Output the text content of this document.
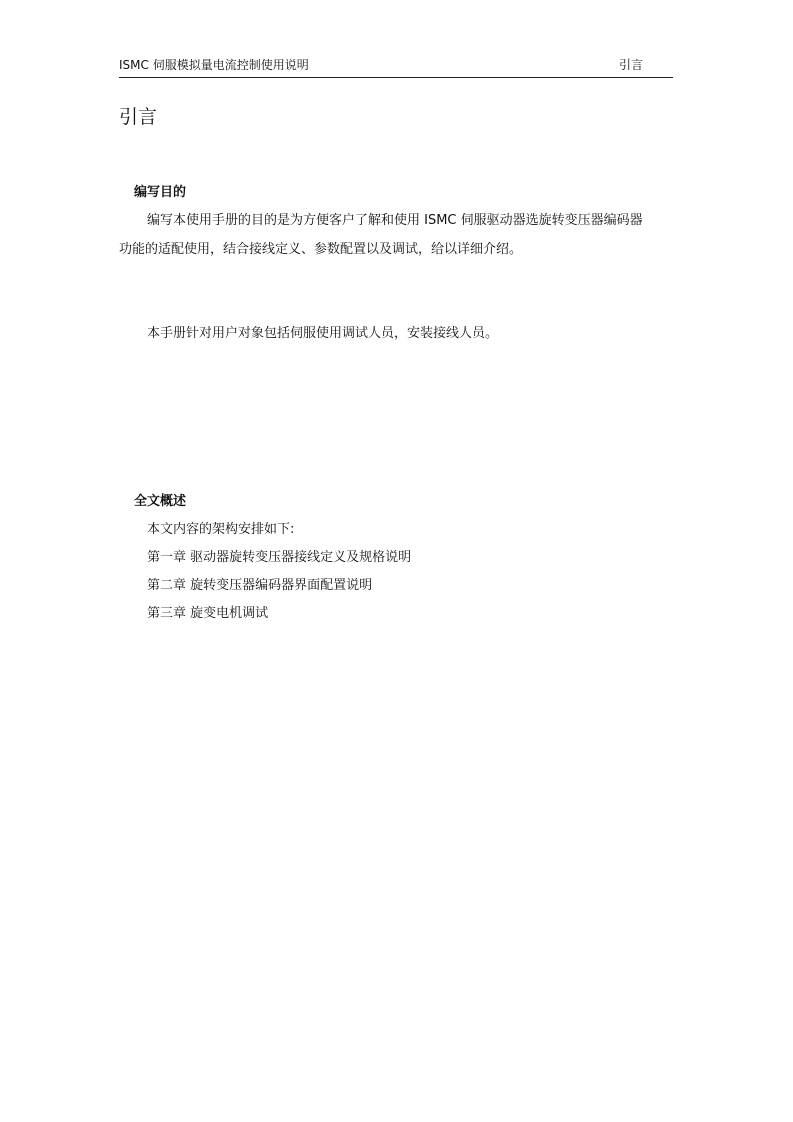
ISMC 伺服模拟量电流控制使用说明	引言
引言
编写目的

编写本使用手册的目的是为方便客户了解和使用 ISMC 伺服驱动器选旋转变压器编码器

功能的适配使用，结合接线定义、参数配置以及调试，给以详细介绍。

本手册针对用户对象包括伺服使用调试人员，安装接线人员。

全文概述

本文内容的架构安排如下:

第一章 驱动器旋转变压器接线定义及规格说明

第二章 旋转变压器编码器界面配置说明

第三章 旋变电机调试
